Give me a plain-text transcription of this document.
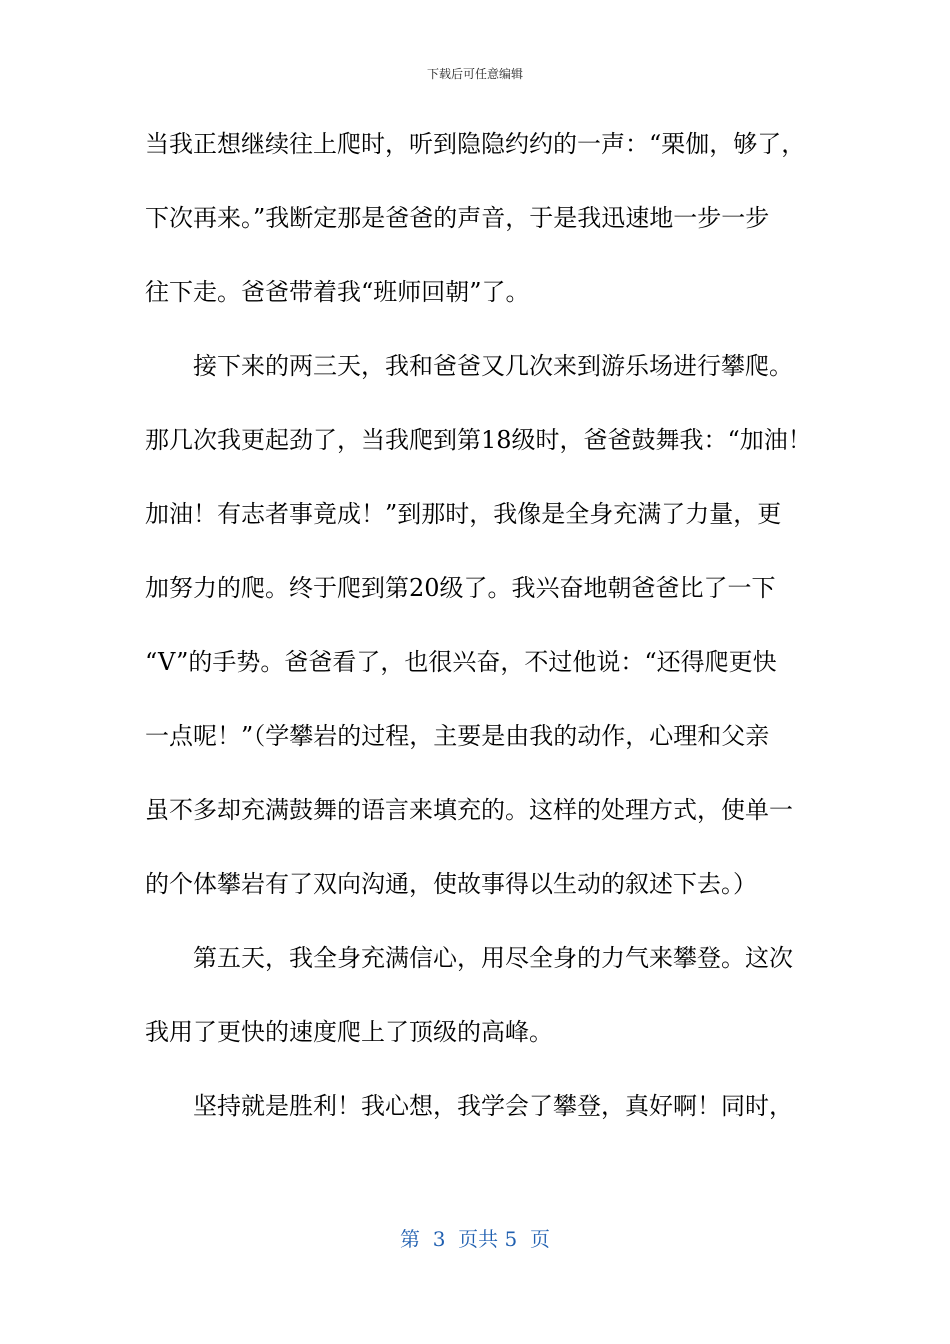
下载后可任意编辑
当我正想继续往上爬时，听到隐隐约约的一声：“栗伽，够了，
下次再来。”我断定那是爸爸的声音，于是我迅速地一步一步
往下走。爸爸带着我“班师回朝”了。
接下来的两三天，我和爸爸又几次来到游乐场进行攀爬。
那几次我更起劲了，当我爬到第18级时，爸爸鼓舞我：“加油！
加油！有志者事竟成！”到那时，我像是全身充满了力量，更
加努力的爬。终于爬到第20级了。我兴奋地朝爸爸比了一下
“V”的手势。爸爸看了，也很兴奋，不过他说：“还得爬更快
一点呢！”（学攀岩的过程，主要是由我的动作，心理和父亲
虽不多却充满鼓舞的语言来填充的。这样的处理方式，使单一
的个体攀岩有了双向沟通，使故事得以生动的叙述下去。）
第五天，我全身充满信心，用尽全身的力气来攀登。这次
我用了更快的速度爬上了顶级的高峰。
坚持就是胜利！我心想，我学会了攀登，真好啊！同时，
第  3  页共 5  页
